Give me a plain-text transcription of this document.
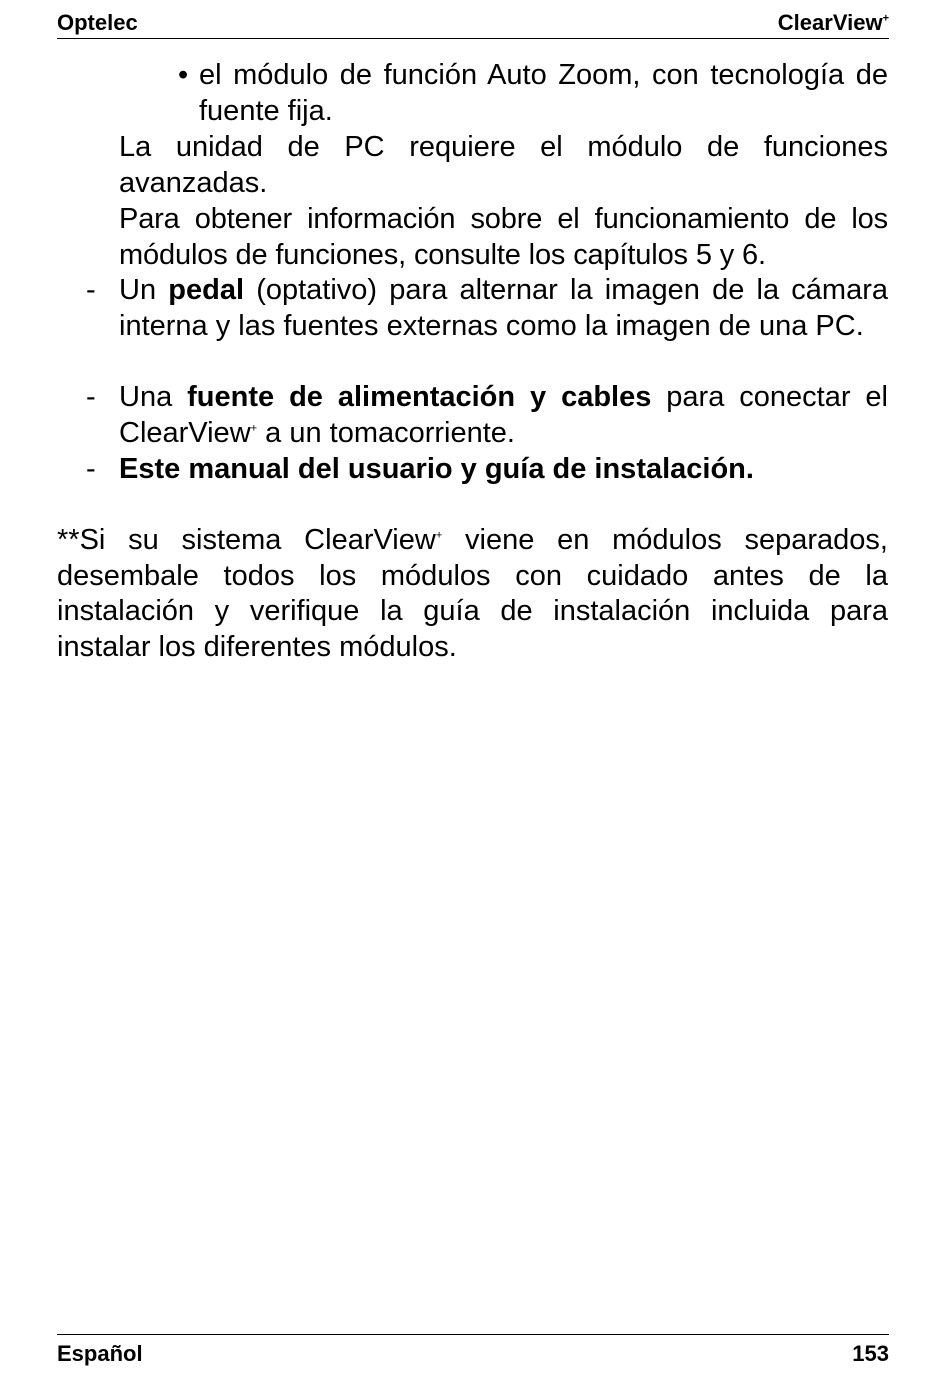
Optelec	ClearView+
• el módulo de función Auto Zoom, con tecnología de fuente fija.
La unidad de PC requiere el módulo de funciones avanzadas.
Para obtener información sobre el funcionamiento de los módulos de funciones, consulte los capítulos 5 y 6.
- Un pedal (optativo) para alternar la imagen de la cámara interna y las fuentes externas como la imagen de una PC.
- Una fuente de alimentación y cables para conectar el ClearView+ a un tomacorriente.
- Este manual del usuario y guía de instalación.
**Si su sistema ClearView+ viene en módulos separados, desembale todos los módulos con cuidado antes de la instalación y verifique la guía de instalación incluida para instalar los diferentes módulos.
Español	153
